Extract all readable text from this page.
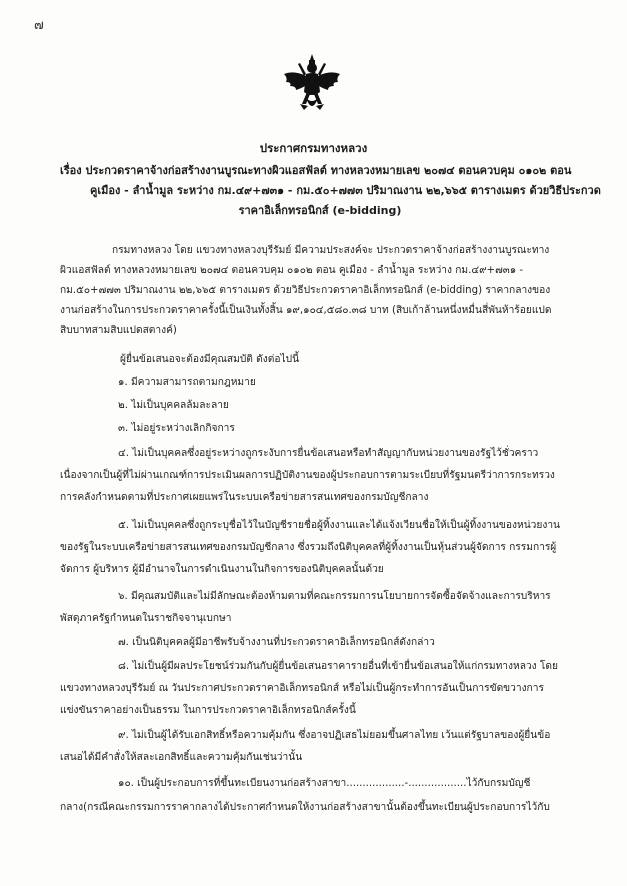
๗
ประกาศกรมทางหลวง
เรื่อง ประกวดราคาจ้างก่อสร้างงานบูรณะทางผิวแอสฟัลต์ ทางหลวงหมายเลข ๒๐๗๔ ตอนควบคุม ๐๑๐๒ ตอน
คูเมือง - ลำน้ำมูล ระหว่าง กม.๔๙+๗๓๑ - กม.๕๐+๗๗๓ ปริมาณงาน ๒๒,๖๖๕ ตารางเมตร ด้วยวิธีประกวด
ราคาอิเล็กทรอนิกส์ (e-bidding)
กรมทางหลวง โดย แขวงทางหลวงบุรีรัมย์ มีความประสงค์จะ ประกวดราคาจ้างก่อสร้างงานบูรณะทาง
ผิวแอสฟัลต์ ทางหลวงหมายเลข ๒๐๗๔ ตอนควบคุม ๐๑๐๒ ตอน คูเมือง - ลำน้ำมูล ระหว่าง กม.๔๙+๗๓๑ -
กม.๕๐+๗๗๓ ปริมาณงาน ๒๒,๖๖๕ ตารางเมตร ด้วยวิธีประกวดราคาอิเล็กทรอนิกส์ (e-bidding) ราคากลางของ
งานก่อสร้างในการประกวดราคาครั้งนี้เป็นเงินทั้งสิ้น ๑๙,๑๐๔,๕๘๐.๓๘ บาท (สิบเก้าล้านหนึ่งหมื่นสี่พันห้าร้อยแปด
สิบบาทสามสิบแปดสตางค์)
ผู้ยื่นข้อเสนอจะต้องมีคุณสมบัติ ดังต่อไปนี้
๑. มีความสามารถตามกฎหมาย
๒. ไม่เป็นบุคคลล้มละลาย
๓. ไม่อยู่ระหว่างเลิกกิจการ
๔. ไม่เป็นบุคคลซึ่งอยู่ระหว่างถูกระงับการยื่นข้อเสนอหรือทำสัญญากับหน่วยงานของรัฐไว้ชั่วคราว
เนื่องจากเป็นผู้ที่ไม่ผ่านเกณฑ์การประเมินผลการปฏิบัติงานของผู้ประกอบการตามระเบียบที่รัฐมนตรีว่าการกระทรวง
การคลังกำหนดตามที่ประกาศเผยแพร่ในระบบเครือข่ายสารสนเทศของกรมบัญชีกลาง
๕. ไม่เป็นบุคคลซึ่งถูกระบุชื่อไว้ในบัญชีรายชื่อผู้ทิ้งงานและได้แจ้งเวียนชื่อให้เป็นผู้ทิ้งงานของหน่วยงาน
ของรัฐในระบบเครือข่ายสารสนเทศของกรมบัญชีกลาง ซึ่งรวมถึงนิติบุคคลที่ผู้ทิ้งงานเป็นหุ้นส่วนผู้จัดการ กรรมการผู้
จัดการ ผู้บริหาร ผู้มีอำนาจในการดำเนินงานในกิจการของนิติบุคคลนั้นด้วย
๖. มีคุณสมบัติและไม่มีลักษณะต้องห้ามตามที่คณะกรรมการนโยบายการจัดซื้อจัดจ้างและการบริหาร
พัสดุภาครัฐกำหนดในราชกิจจานุเบกษา
๗. เป็นนิติบุคคลผู้มีอาชีพรับจ้างงานที่ประกวดราคาอิเล็กทรอนิกส์ดังกล่าว
๘. ไม่เป็นผู้มีผลประโยชน์ร่วมกันกับผู้ยื่นข้อเสนอราคารายอื่นที่เข้ายื่นข้อเสนอให้แก่กรมทางหลวง โดย
แขวงทางหลวงบุรีรัมย์ ณ วันประกาศประกวดราคาอิเล็กทรอนิกส์ หรือไม่เป็นผู้กระทำการอันเป็นการขัดขวางการ
แข่งขันราคาอย่างเป็นธรรม ในการประกวดราคาอิเล็กทรอนิกส์ครั้งนี้
๙. ไม่เป็นผู้ได้รับเอกสิทธิ์หรือความคุ้มกัน ซึ่งอาจปฏิเสธไม่ยอมขึ้นศาลไทย เว้นแต่รัฐบาลของผู้ยื่นข้อ
เสนอได้มีคำสั่งให้สละเอกสิทธิ์และความคุ้มกันเช่นว่านั้น
๑๐. เป็นผู้ประกอบการที่ขึ้นทะเบียนงานก่อสร้างสาขา..................-..................ไว้กับกรมบัญชี
กลาง(กรณีคณะกรรมการราคากลางได้ประกาศกำหนดให้งานก่อสร้างสาขานั้นต้องขึ้นทะเบียนผู้ประกอบการไว้กับ
